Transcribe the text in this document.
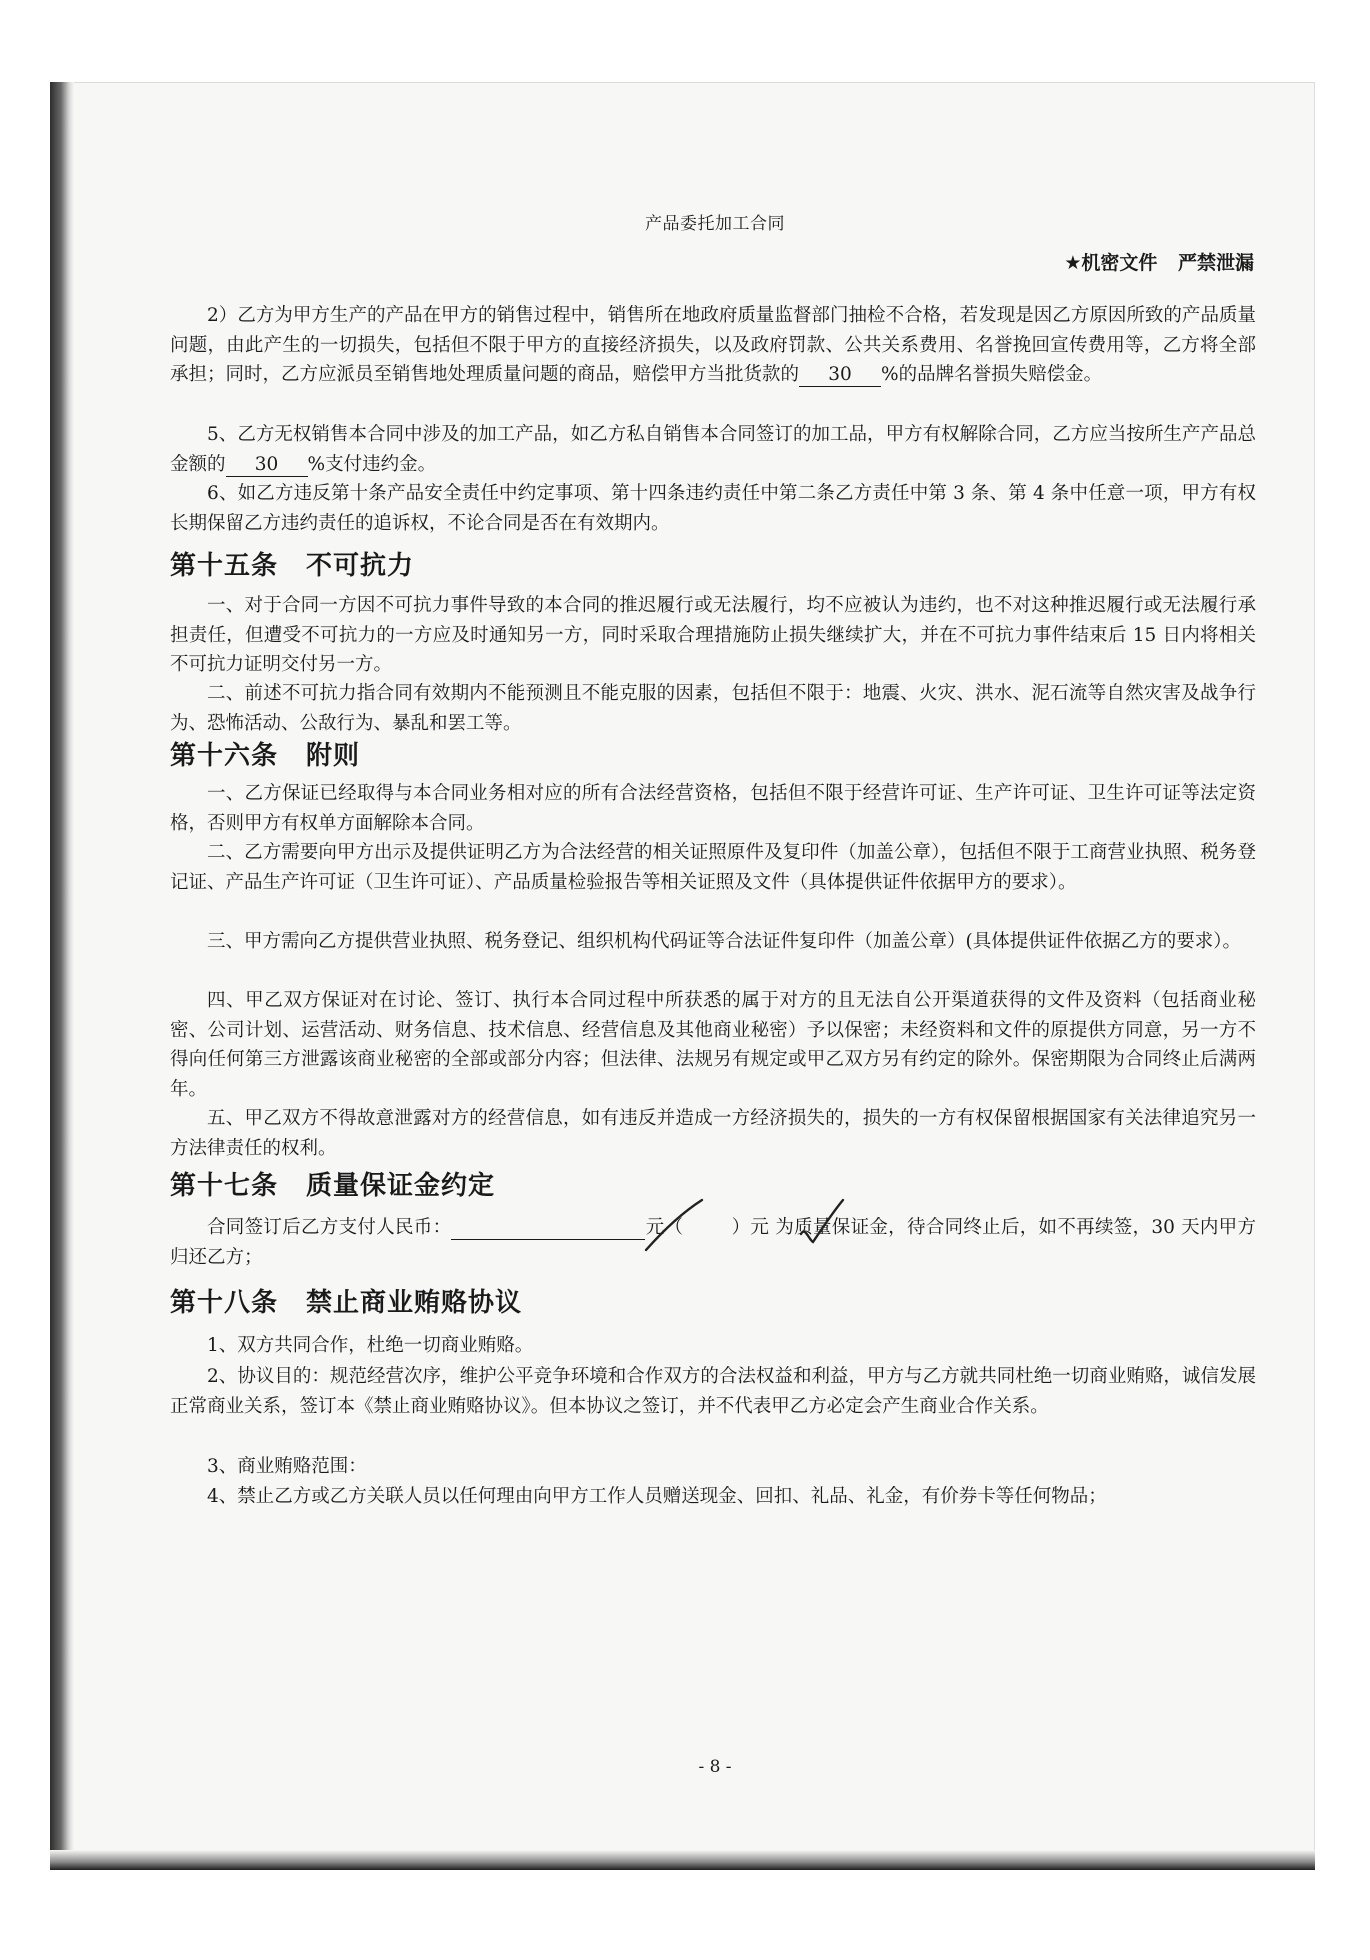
产品委托加工合同
★机密文件 严禁泄漏

2）乙方为甲方生产的产品在甲方的销售过程中，销售所在地政府质量监督部门抽检不合格，若发现是因乙方原因所致的产品质量问题，由此产生的一切损失，包括但不限于甲方的直接经济损失，以及政府罚款、公共关系费用、名誉挽回宣传费用等，乙方将全部承担；同时，乙方应派员至销售地处理质量问题的商品，赔偿甲方当批货款的 30 %的品牌名誉损失赔偿金。

5、乙方无权销售本合同中涉及的加工产品，如乙方私自销售本合同签订的加工品，甲方有权解除合同，乙方应当按所生产产品总金额的 30 %支付违约金。

6、如乙方违反第十条产品安全责任中约定事项、第十四条违约责任中第二条乙方责任中第 3 条、第 4 条中任意一项，甲方有权长期保留乙方违约责任的追诉权，不论合同是否在有效期内。

第十五条 不可抗力

一、对于合同一方因不可抗力事件导致的本合同的推迟履行或无法履行，均不应被认为违约，也不对这种推迟履行或无法履行承担责任，但遭受不可抗力的一方应及时通知另一方，同时采取合理措施防止损失继续扩大，并在不可抗力事件结束后 15 日内将相关不可抗力证明交付另一方。

二、前述不可抗力指合同有效期内不能预测且不能克服的因素，包括但不限于：地震、火灾、洪水、泥石流等自然灾害及战争行为、恐怖活动、公敌行为、暴乱和罢工等。

第十六条 附则

一、乙方保证已经取得与本合同业务相对应的所有合法经营资格，包括但不限于经营许可证、生产许可证、卫生许可证等法定资格，否则甲方有权单方面解除本合同。

二、乙方需要向甲方出示及提供证明乙方为合法经营的相关证照原件及复印件（加盖公章），包括但不限于工商营业执照、税务登记证、产品生产许可证（卫生许可证）、产品质量检验报告等相关证照及文件（具体提供证件依据甲方的要求）。

三、甲方需向乙方提供营业执照、税务登记、组织机构代码证等合法证件复印件（加盖公章）(具体提供证件依据乙方的要求）。

四、甲乙双方保证对在讨论、签订、执行本合同过程中所获悉的属于对方的且无法自公开渠道获得的文件及资料（包括商业秘密、公司计划、运营活动、财务信息、技术信息、经营信息及其他商业秘密）予以保密；未经资料和文件的原提供方同意，另一方不得向任何第三方泄露该商业秘密的全部或部分内容；但法律、法规另有规定或甲乙双方另有约定的除外。保密期限为合同终止后满两年。

五、甲乙双方不得故意泄露对方的经营信息，如有违反并造成一方经济损失的，损失的一方有权保留根据国家有关法律追究另一方法律责任的权利。

第十七条 质量保证金约定

合同签订后乙方支付人民币：	元（	）元 为质量保证金，待合同终止后，如不再续签，30 天内甲方归还乙方；

第十八条 禁止商业贿赂协议

1、双方共同合作，杜绝一切商业贿赂。

2、协议目的：规范经营次序，维护公平竞争环境和合作双方的合法权益和利益，甲方与乙方就共同杜绝一切商业贿赂，诚信发展正常商业关系，签订本《禁止商业贿赂协议》。但本协议之签订，并不代表甲乙方必定会产生商业合作关系。

3、商业贿赂范围：

4、禁止乙方或乙方关联人员以任何理由向甲方工作人员赠送现金、回扣、礼品、礼金，有价券卡等任何物品；

- 8 -
